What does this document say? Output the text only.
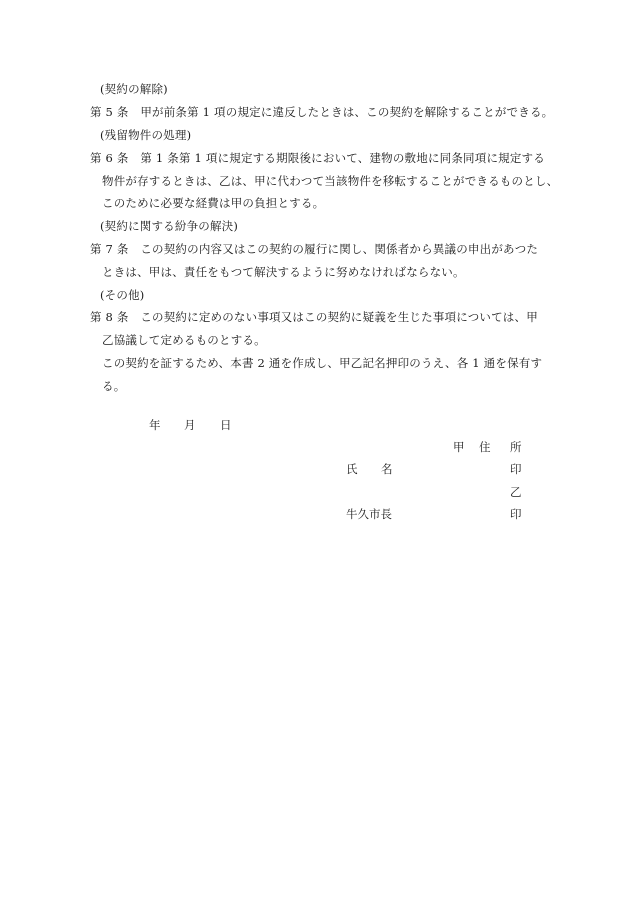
(契約の解除)
第 5 条　甲が前条第 1 項の規定に違反したときは、この契約を解除することができる。
(残留物件の処理)
第 6 条　第 1 条第 1 項に規定する期限後において、建物の敷地に同条同項に規定する
物件が存するときは、乙は、甲に代わつて当該物件を移転することができるものとし、
このために必要な経費は甲の負担とする。
(契約に関する紛争の解決)
第 7 条　この契約の内容又はこの契約の履行に関し、関係者から異議の申出があつた
ときは、甲は、責任をもつて解決するように努めなければならない。
(その他)
第 8 条　この契約に定めのない事項又はこの契約に疑義を生じた事項については、甲
乙協議して定めるものとする。
この契約を証するため、本書 2 通を作成し、甲乙記名押印のうえ、各 1 通を保有す
る。
年 月 日
甲 住 所
氏 名	印
乙
牛久市長	印
